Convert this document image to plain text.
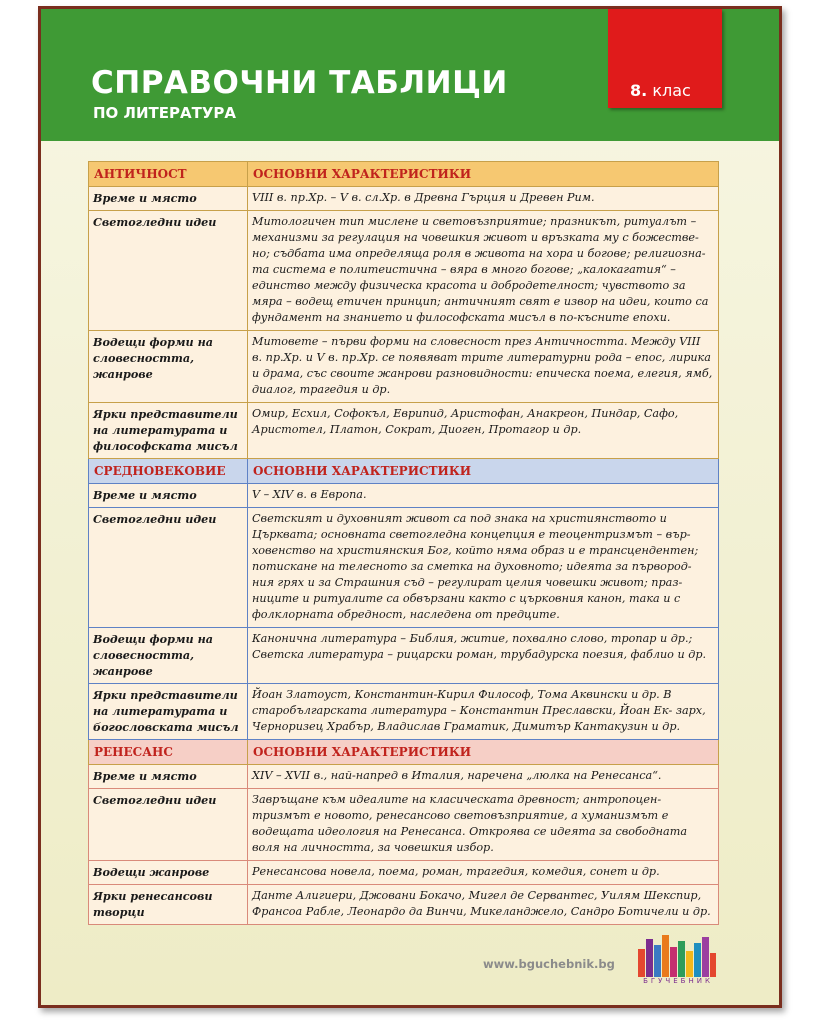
СПРАВОЧНИ ТАБЛИЦИ
ПО ЛИТЕРАТУРА
8. клас
АНТИЧНОСТ	ОСНОВНИ ХАРАКТЕРИСТИКИ
Време и място	VIII в. пр.Хр. – V в. сл.Хр. в Древна Гърция и Древен Рим.
Светогледни идеи	Митологичен тип мислене и световъзприятие; празникът, ритуалът – механизми за регулация на човешкия живот и връзката му с божестве- но; съдбата има определяща роля в живота на хора и богове; религиозна- та система е политеистична – вяра в много богове; „калокагатия“ – единство между физическа красота и добродетелност; чувството за мяра – водещ етичен принцип; античният свят е извор на идеи, които са фундамент на знанието и философската мисъл в по-късните епохи.
Водещи форми на словесността, жанрове	Митовете – първи форми на словесност през Античността. Между VIII в. пр.Хр. и V в. пр.Хр. се появяват трите литературни рода – епос, лирика и драма, със своите жанрови разновидности: епическа поема, елегия, ямб, диалог, трагедия и др.
Ярки представители на литературата и философската мисъл	Омир, Есхил, Софокъл, Еврипид, Аристофан, Анакреон, Пиндар, Сафо, Аристотел, Платон, Сократ, Диоген, Протагор и др.
СРЕДНОВЕКОВИЕ	ОСНОВНИ ХАРАКТЕРИСТИКИ
Време и място	V – XIV в. в Европа.
Светогледни идеи	Светският и духовният живот са под знака на християнството и Църквата; основната светогледна концепция е теоцентризмът – вър- ховенство на християнския Бог, който няма образ и е трансцендентен; потискане на телесното за сметка на духовното; идеята за първород- ния грях и за Страшния съд – регулират целия човешки живот; праз- ниците и ритуалите са обвързани както с църковния канон, така и с фолклорната обредност, наследена от предците.
Водещи форми на словесността, жанрове	Канонична литература – Библия, житие, похвално слово, тропар и др.; Светска литература – рицарски роман, трубадурска поезия, фаблио и др.
Ярки представители на литературата и богословската мисъл	Йоан Златоуст, Константин-Кирил Философ, Тома Аквински и др. В старобългарската литература – Константин Преславски, Йоан Ек- зарх, Черноризец Храбър, Владислав Граматик, Димитър Кантакузин и др.
РЕНЕСАНС	ОСНОВНИ ХАРАКТЕРИСТИКИ
Време и място	XIV – XVII в., най-напред в Италия, наречена „люлка на Ренесанса“.
Светогледни идеи	Завръщане към идеалите на класическата древност; антропоцен- тризмът е новото, ренесансово световъзприятие, а хуманизмът е водещата идеология на Ренесанса. Откроява се идеята за свободната воля на личността, за човешкия избор.
Водещи жанрове	Ренесансова новела, поема, роман, трагедия, комедия, сонет и др.
Ярки ренесансови творци	Данте Алигиери, Джовани Бокачо, Мигел де Сервантес, Уилям Шекспир, Франсоа Рабле, Леонардо да Винчи, Микеланджело, Сандро Ботичели и др.
www.bguchebnik.bg
БГУЧЕБНИК
